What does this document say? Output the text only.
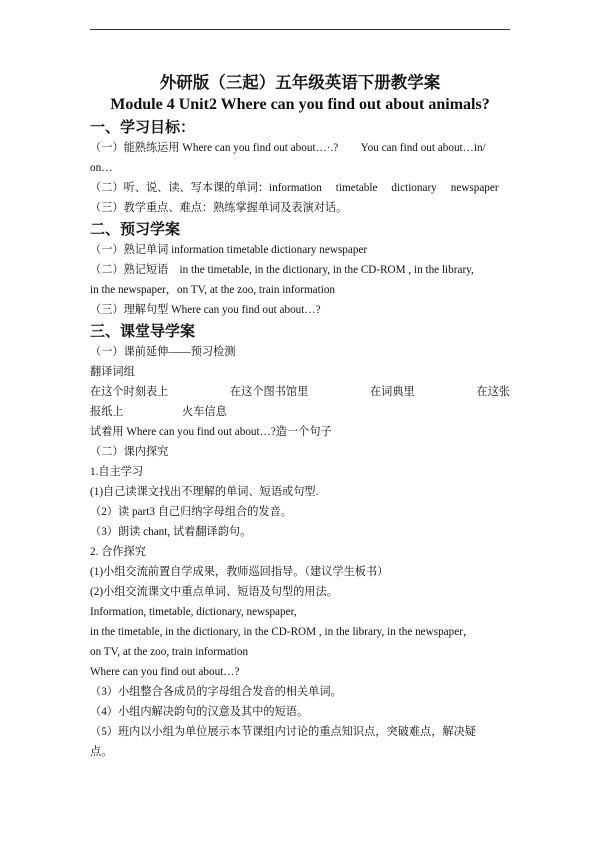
外研版（三起）五年级英语下册教学案
Module 4 Unit2 Where can you find out about animals?
一、学习目标：
（一）能熟练运用 Where can you find out about…·.?　　You can find out about…in/
on…
（二）听、说、读、写本课的单词：information　 timetable　 dictionary　 newspaper
（三）教学重点、难点：熟练掌握单词及表演对话。
二、预习学案
（一）熟记单词 information timetable dictionary newspaper
（二）熟记短语　in the timetable, in the dictionary, in the CD-ROM , in the library,
in the newspaper，on TV, at the zoo, train information
（三）理解句型 Where can you find out about…?
三、课堂导学案
（一）课前延伸——预习检测
翻译词组
在这个时刻表上	在这个图书馆里	在词典里	在这张
报纸上	火车信息
试着用 Where can you find out about…?造一个句子
（二）课内探究
1.自主学习
(1)自己读课文找出不理解的单词、短语或句型.
（2）读 part3 自己归纳字母组合的发音。
（3）朗读 chant, 试着翻译韵句。
2. 合作探究
(1)小组交流前置自学成果，教师巡回指导。（建议学生板书）
(2)小组交流课文中重点单词、短语及句型的用法。
Information, timetable, dictionary, newspaper,
in the timetable, in the dictionary, in the CD-ROM , in the library, in the newspaper，
on TV, at the zoo, train information
Where can you find out about…?
（3）小组整合各成员的字母组合发音的相关单词。
（4）小组内解决韵句的汉意及其中的短语。
（5）班内以小组为单位展示本节课组内讨论的重点知识点，突破难点，解决疑
点。
